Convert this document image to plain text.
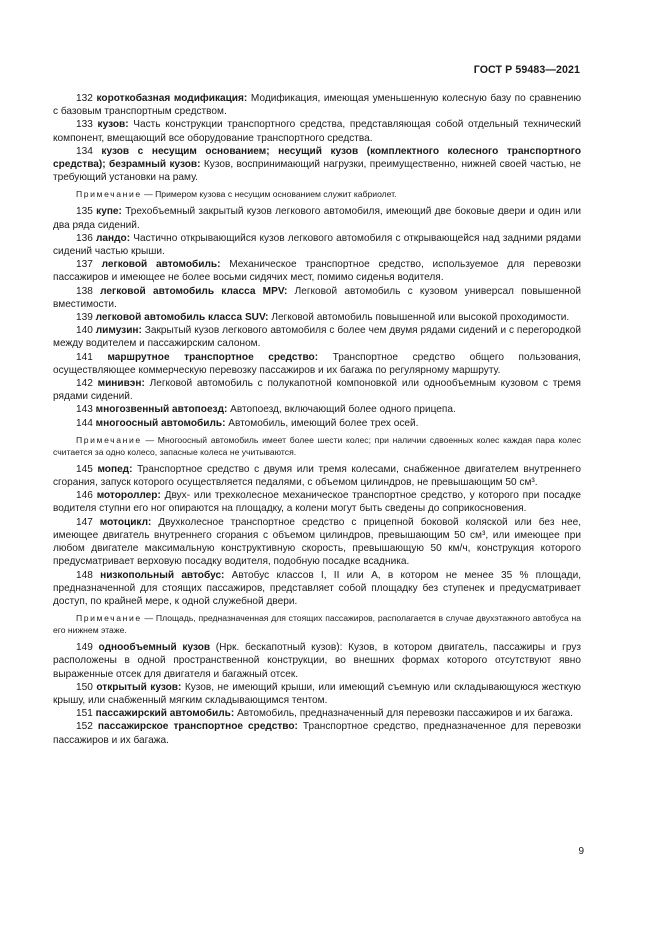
ГОСТ Р 59483—2021

132 короткобазная модификация: Модификация, имеющая уменьшенную колесную базу по сравнению с базовым транспортным средством.

133 кузов: Часть конструкции транспортного средства, представляющая собой отдельный технический компонент, вмещающий все оборудование транспортного средства.

134 кузов с несущим основанием; несущий кузов (комплектного колесного транспортного средства); безрамный кузов: Кузов, воспринимающий нагрузки, преимущественно, нижней своей частью, не требующий установки на раму.

Примечание — Примером кузова с несущим основанием служит кабриолет.

135 купе: Трехобъемный закрытый кузов легкового автомобиля, имеющий две боковые двери и один или два ряда сидений.

136 ландо: Частично открывающийся кузов легкового автомобиля с открывающейся над задними рядами сидений частью крыши.

137 легковой автомобиль: Механическое транспортное средство, используемое для перевозки пассажиров и имеющее не более восьми сидячих мест, помимо сиденья водителя.

138 легковой автомобиль класса MPV: Легковой автомобиль с кузовом универсал повышенной вместимости.

139 легковой автомобиль класса SUV: Легковой автомобиль повышенной или высокой проходимости.

140 лимузин: Закрытый кузов легкового автомобиля с более чем двумя рядами сидений и с перегородкой между водителем и пассажирским салоном.

141 маршрутное транспортное средство: Транспортное средство общего пользования, осуществляющее коммерческую перевозку пассажиров и их багажа по регулярному маршруту.

142 минивэн: Легковой автомобиль с полукапотной компоновкой или однообъемным кузовом с тремя рядами сидений.

143 многозвенный автопоезд: Автопоезд, включающий более одного прицепа.

144 многоосный автомобиль: Автомобиль, имеющий более трех осей.

Примечание — Многоосный автомобиль имеет более шести колес; при наличии сдвоенных колес каждая пара колес считается за одно колесо, запасные колеса не учитываются.

145 мопед: Транспортное средство с двумя или тремя колесами, снабженное двигателем внутреннего сгорания, запуск которого осуществляется педалями, с объемом цилиндров, не превышающим 50 см³.

146 мотороллер: Двух- или трехколесное механическое транспортное средство, у которого при посадке водителя ступни его ног опираются на площадку, а колени могут быть сведены до соприкосновения.

147 мотоцикл: Двухколесное транспортное средство с прицепной боковой коляской или без нее, имеющее двигатель внутреннего сгорания с объемом цилиндров, превышающим 50 см³, или имеющее при любом двигателе максимальную конструктивную скорость, превышающую 50 км/ч, конструкция которого предусматривает верховую посадку водителя, подобную посадке всадника.

148 низкопольный автобус: Автобус классов I, II или A, в котором не менее 35 % площади, предназначенной для стоящих пассажиров, представляет собой площадку без ступенек и предусматривает доступ, по крайней мере, к одной служебной двери.

Примечание — Площадь, предназначенная для стоящих пассажиров, располагается в случае двухэтажного автобуса на его нижнем этаже.

149 однообъемный кузов (Нрк. бескапотный кузов): Кузов, в котором двигатель, пассажиры и груз расположены в одной пространственной конструкции, во внешних формах которого отсутствуют явно выраженные отсек для двигателя и багажный отсек.

150 открытый кузов: Кузов, не имеющий крыши, или имеющий съемную или складывающуюся жесткую крышу, или снабженный мягким складывающимся тентом.

151 пассажирский автомобиль: Автомобиль, предназначенный для перевозки пассажиров и их багажа.

152 пассажирское транспортное средство: Транспортное средство, предназначенное для перевозки пассажиров и их багажа.

9
